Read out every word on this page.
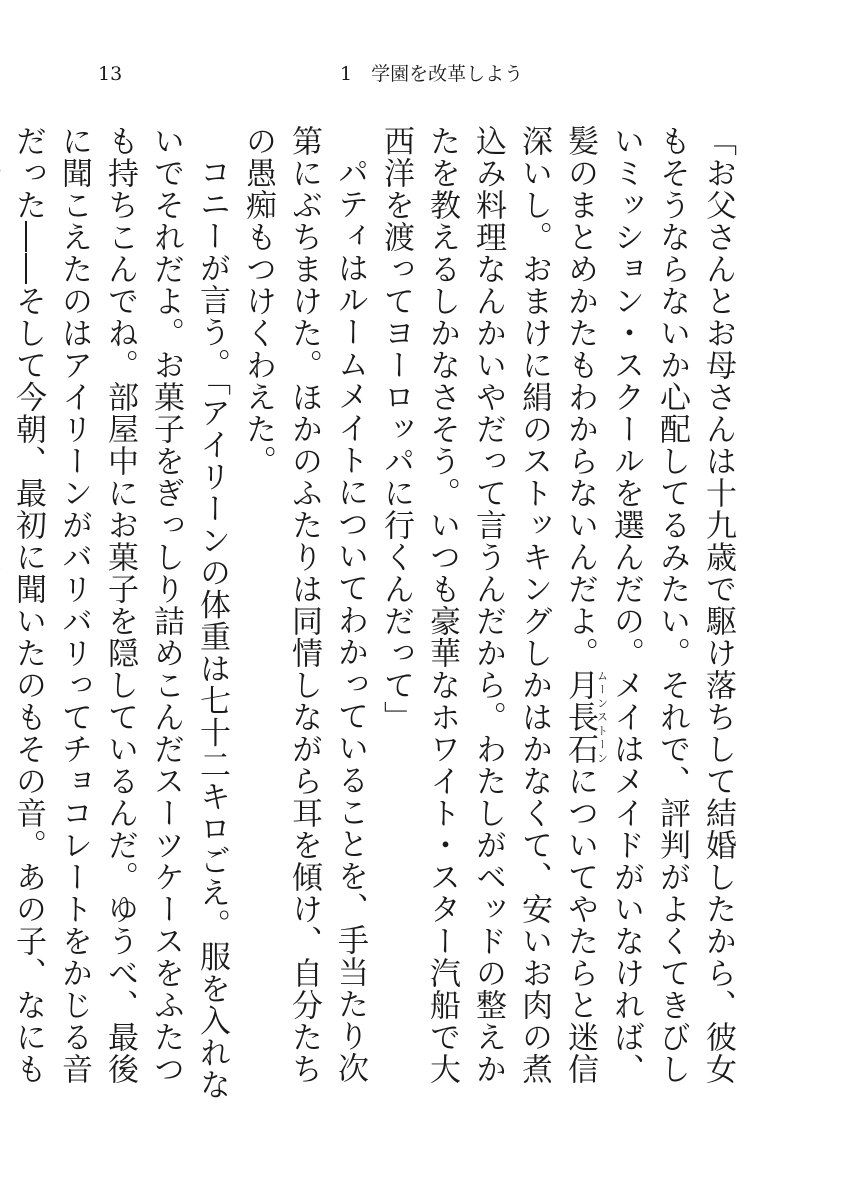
13	1　学園を改革しよう

「お父さんとお母さんは十九歳で駆け落ちして結婚したから、彼女もそうならないか心配してるみたい。それで、評判がよくてきびしいミッション・スクールを選んだの。メイはメイドがいなければ、髪のまとめかたもわからないんだよ。月長石ムーンストーンについてやたらと迷信深いし。おまけに絹のストッキングしかはかなくて、安いお肉の煮込み料理なんかいやだって言うんだから。わたしがベッドの整えかたを教えるしかなさそう。いつも豪華なホワイト・スター汽船で大西洋を渡ってヨーロッパに行くんだって」

パティはルームメイトについてわかっていることを、手当たり次第にぶちまけた。ほかのふたりは同情しながら耳を傾け、自分たちの愚痴もつけくわえた。

コニーが言う。「アイリーンの体重は七十二キロごえ。服を入れないでそれだよ。お菓子をぎっしり詰めこんだスーツケースをふたつも持ちこんでね。部屋中にお菓子を隠しているんだ。ゆうべ、最後に聞こえたのはアイリーンがバリバリってチョコレートをかじる音だった――そして今朝、最初に聞いたのもその音。あの子、なにも　
